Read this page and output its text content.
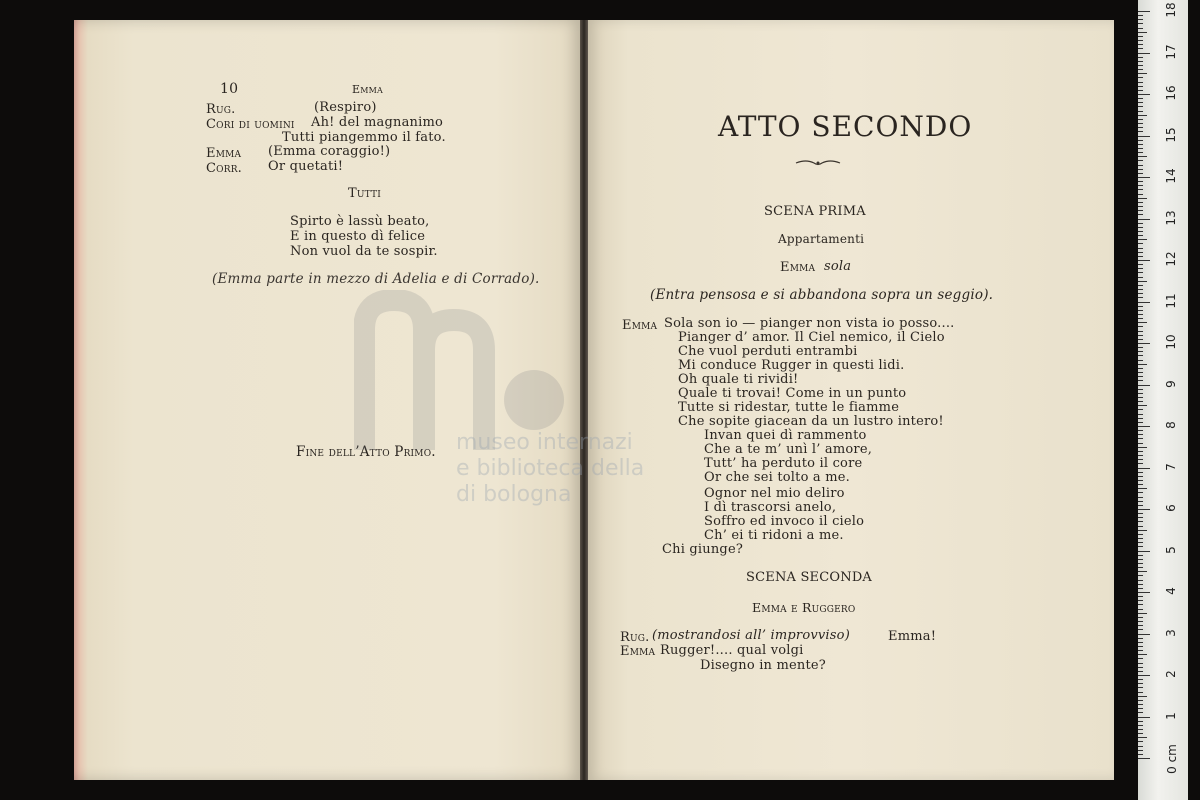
10	Emma
Rug.	(Respiro)
Cori di uomini Ah! del magnanimo
Tutti piangemmo il fato.
Emma (Emma coraggio!)
Corr. Or quetati!
Tutti
Spirto è lassù beato,
E in questo dì felice
Non vuol da te sospir.
(Emma parte in mezzo di Adelia e di Corrado).
Fine dell’Atto Primo.
ATTO SECONDO
SCENA PRIMA
Appartamenti
Emma sola
(Entra pensosa e si abbandona sopra un seggio).
Emma Sola son io — pianger non vista io posso....
Pianger d’ amor. Il Ciel nemico, il Cielo
Che vuol perduti entrambi
Mi conduce Rugger in questi lidi.
Oh quale ti rividi!
Quale ti trovai! Come in un punto
Tutte si ridestar, tutte le fiamme
Che sopite giacean da un lustro intero!
Invan quei dì rammento
Che a te m’ unì l’ amore,
Tutt’ ha perduto il core
Or che sei tolto a me.
Ognor nel mio deliro
I dì trascorsi anelo,
Soffro ed invoco il cielo
Ch’ ei ti ridoni a me.
Chi giunge?
SCENA SECONDA
Emma e Ruggero
Rug. (mostrandosi all’ improvviso)	Emma!
Emma Rugger!.... qual volgi
Disegno in mente?
museo internazi
e biblioteca della
di bologna
0 cm
1
2
3
4
5
6
7
8
9
10
11
12
13
14
15
16
17
18
